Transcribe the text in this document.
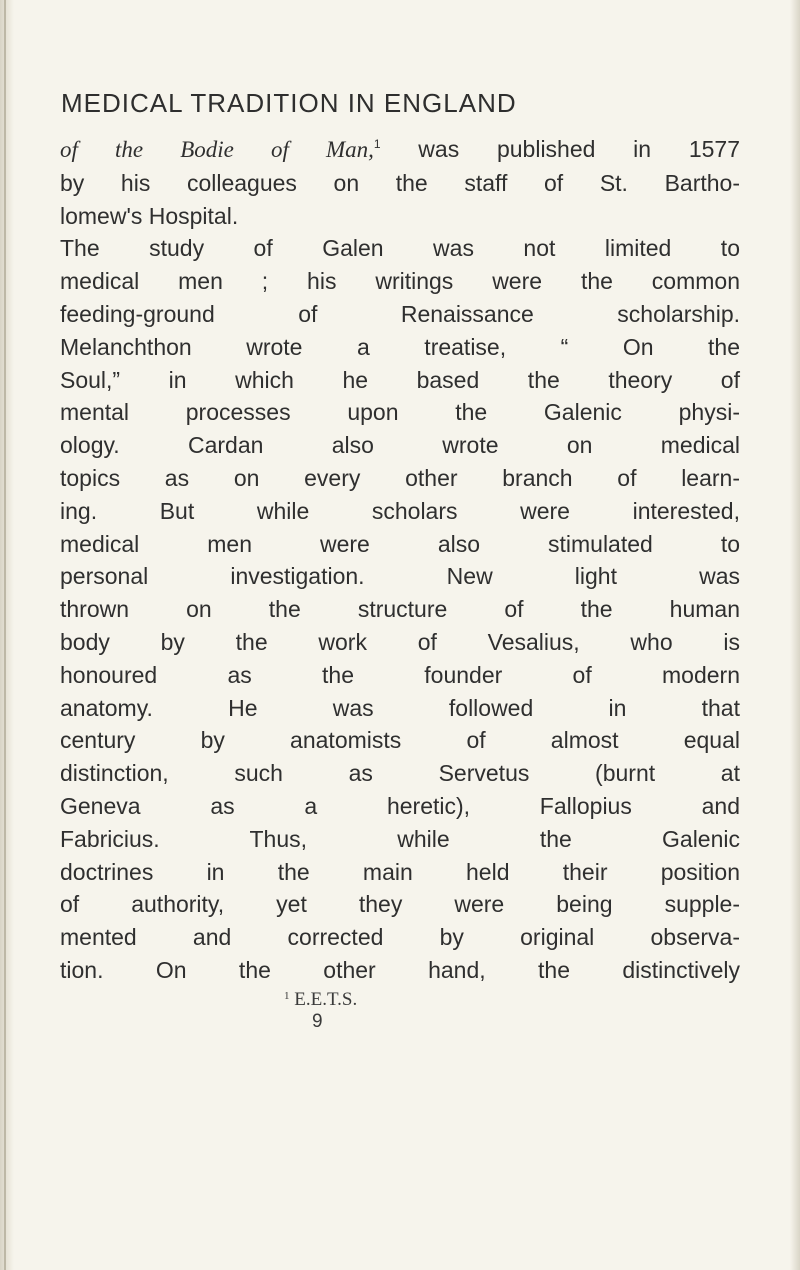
MEDICAL TRADITION IN ENGLAND
of the Bodie of Man,$^1$ was published in 1577
by his colleagues on the staff of St. Bartho-
lomew's Hospital.
The study of Galen was not limited to
medical men ; his writings were the common
feeding-ground of Renaissance scholarship.
Melanchthon wrote a treatise, “ On the
Soul,” in which he based the theory of
mental processes upon the Galenic physi-
ology. Cardan also wrote on medical
topics as on every other branch of learn-
ing. But while scholars were interested,
medical men were also stimulated to
personal investigation. New light was
thrown on the structure of the human
body by the work of Vesalius, who is
honoured as the founder of modern
anatomy. He was followed in that
century by anatomists of almost equal
distinction, such as Servetus (burnt at
Geneva as a heretic), Fallopius and
Fabricius. Thus, while the Galenic
doctrines in the main held their position
of authority, yet they were being supple-
mented and corrected by original observa-
tion. On the other hand, the distinctively
$^1$ E.E.T.S.
9
